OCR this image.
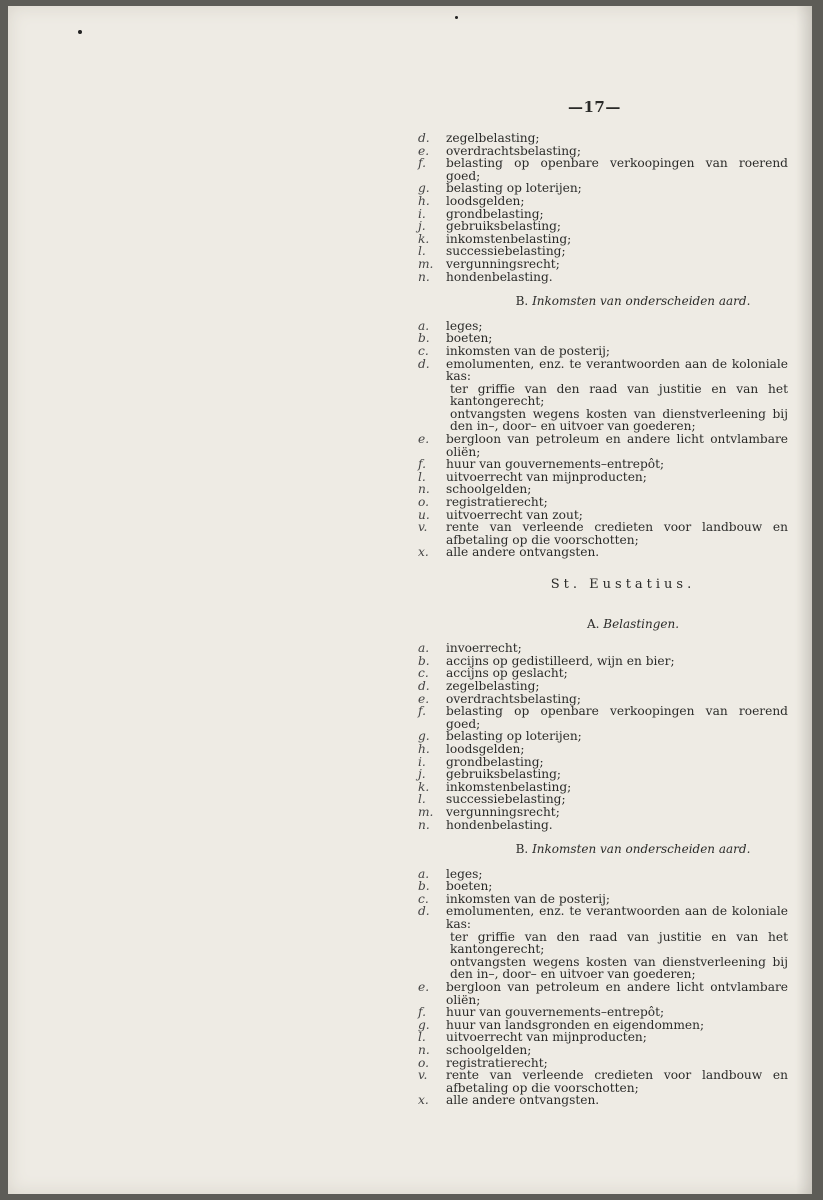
—17—
d.	zegelbelasting;
e.	overdrachtsbelasting;
f.	belasting op openbare verkoopingen van roerend goed;
g.	belasting op loterijen;
h.	loodsgelden;
i.	grondbelasting;
j.	gebruiksbelasting;
k.	inkomstenbelasting;
l.	successiebelasting;
m.	vergunningsrecht;
n.	hondenbelasting.
B. Inkomsten van onderscheiden aard.
a.	leges;
b.	boeten;
c.	inkomsten van de posterij;
d.	emolumenten, enz. te verantwoorden aan de koloniale kas:
ter griffie van den raad van justitie en van het kantongerecht;
ontvangsten wegens kosten van dienstverleening bij den in–, door– en uitvoer van goederen;
e.	bergloon van petroleum en andere licht ontvlambare oliën;
f.	huur van gouvernements–entrepôt;
l.	uitvoerrecht van mijnproducten;
n.	schoolgelden;
o.	registratierecht;
u.	uitvoerrecht van zout;
v.	rente van verleende credieten voor landbouw en afbetaling op die voorschotten;
x.	alle andere ontvangsten.
St. Eustatius.
A. Belastingen.
a.	invoerrecht;
b.	accijns op gedistilleerd, wijn en bier;
c.	accijns op geslacht;
d.	zegelbelasting;
e.	overdrachtsbelasting;
f.	belasting op openbare verkoopingen van roerend goed;
g.	belasting op loterijen;
h.	loodsgelden;
i.	grondbelasting;
j.	gebruiksbelasting;
k.	inkomstenbelasting;
l.	successiebelasting;
m.	vergunningsrecht;
n.	hondenbelasting.
B. Inkomsten van onderscheiden aard.
a.	leges;
b.	boeten;
c.	inkomsten van de posterij;
d.	emolumenten, enz. te verantwoorden aan de koloniale kas:
ter griffie van den raad van justitie en van het kantongerecht;
ontvangsten wegens kosten van dienstverleening bij den in–, door– en uitvoer van goederen;
e.	bergloon van petroleum en andere licht ontvlambare oliën;
f.	huur van gouvernements–entrepôt;
g.	huur van landsgronden en eigendommen;
l.	uitvoerrecht van mijnproducten;
n.	schoolgelden;
o.	registratierecht;
v.	rente van verleende credieten voor landbouw en afbetaling op die voorschotten;
x.	alle andere ontvangsten.
